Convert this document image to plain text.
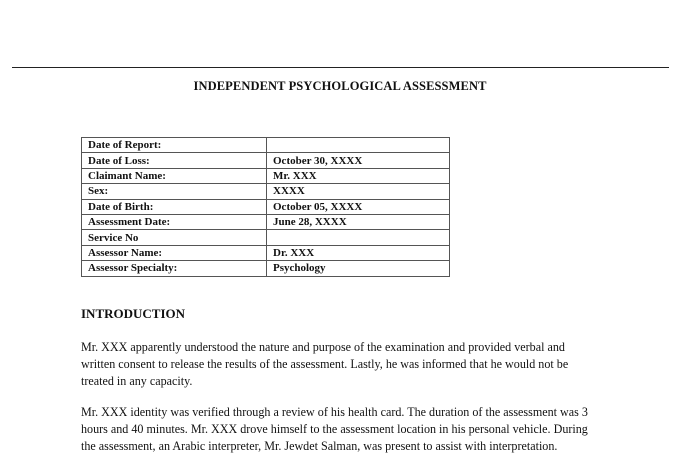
INDEPENDENT PSYCHOLOGICAL ASSESSMENT
Date of Report:	
Date of Loss:	October 30, XXXX
Claimant Name:	Mr. XXX
Sex:	XXXX
Date of Birth:	October 05, XXXX
Assessment Date:	June 28, XXXX
Service No	
Assessor Name:	Dr. XXX
Assessor Specialty:	Psychology
INTRODUCTION

Mr. XXX apparently understood the nature and purpose of the examination and provided verbal and written consent to release the results of the assessment. Lastly, he was informed that he would not be treated in any capacity.

Mr. XXX identity was verified through a review of his health card. The duration of the assessment was 3 hours and 40 minutes. Mr. XXX drove himself to the assessment location in his personal vehicle. During the assessment, an Arabic interpreter, Mr. Jewdet Salman, was present to assist with interpretation.
